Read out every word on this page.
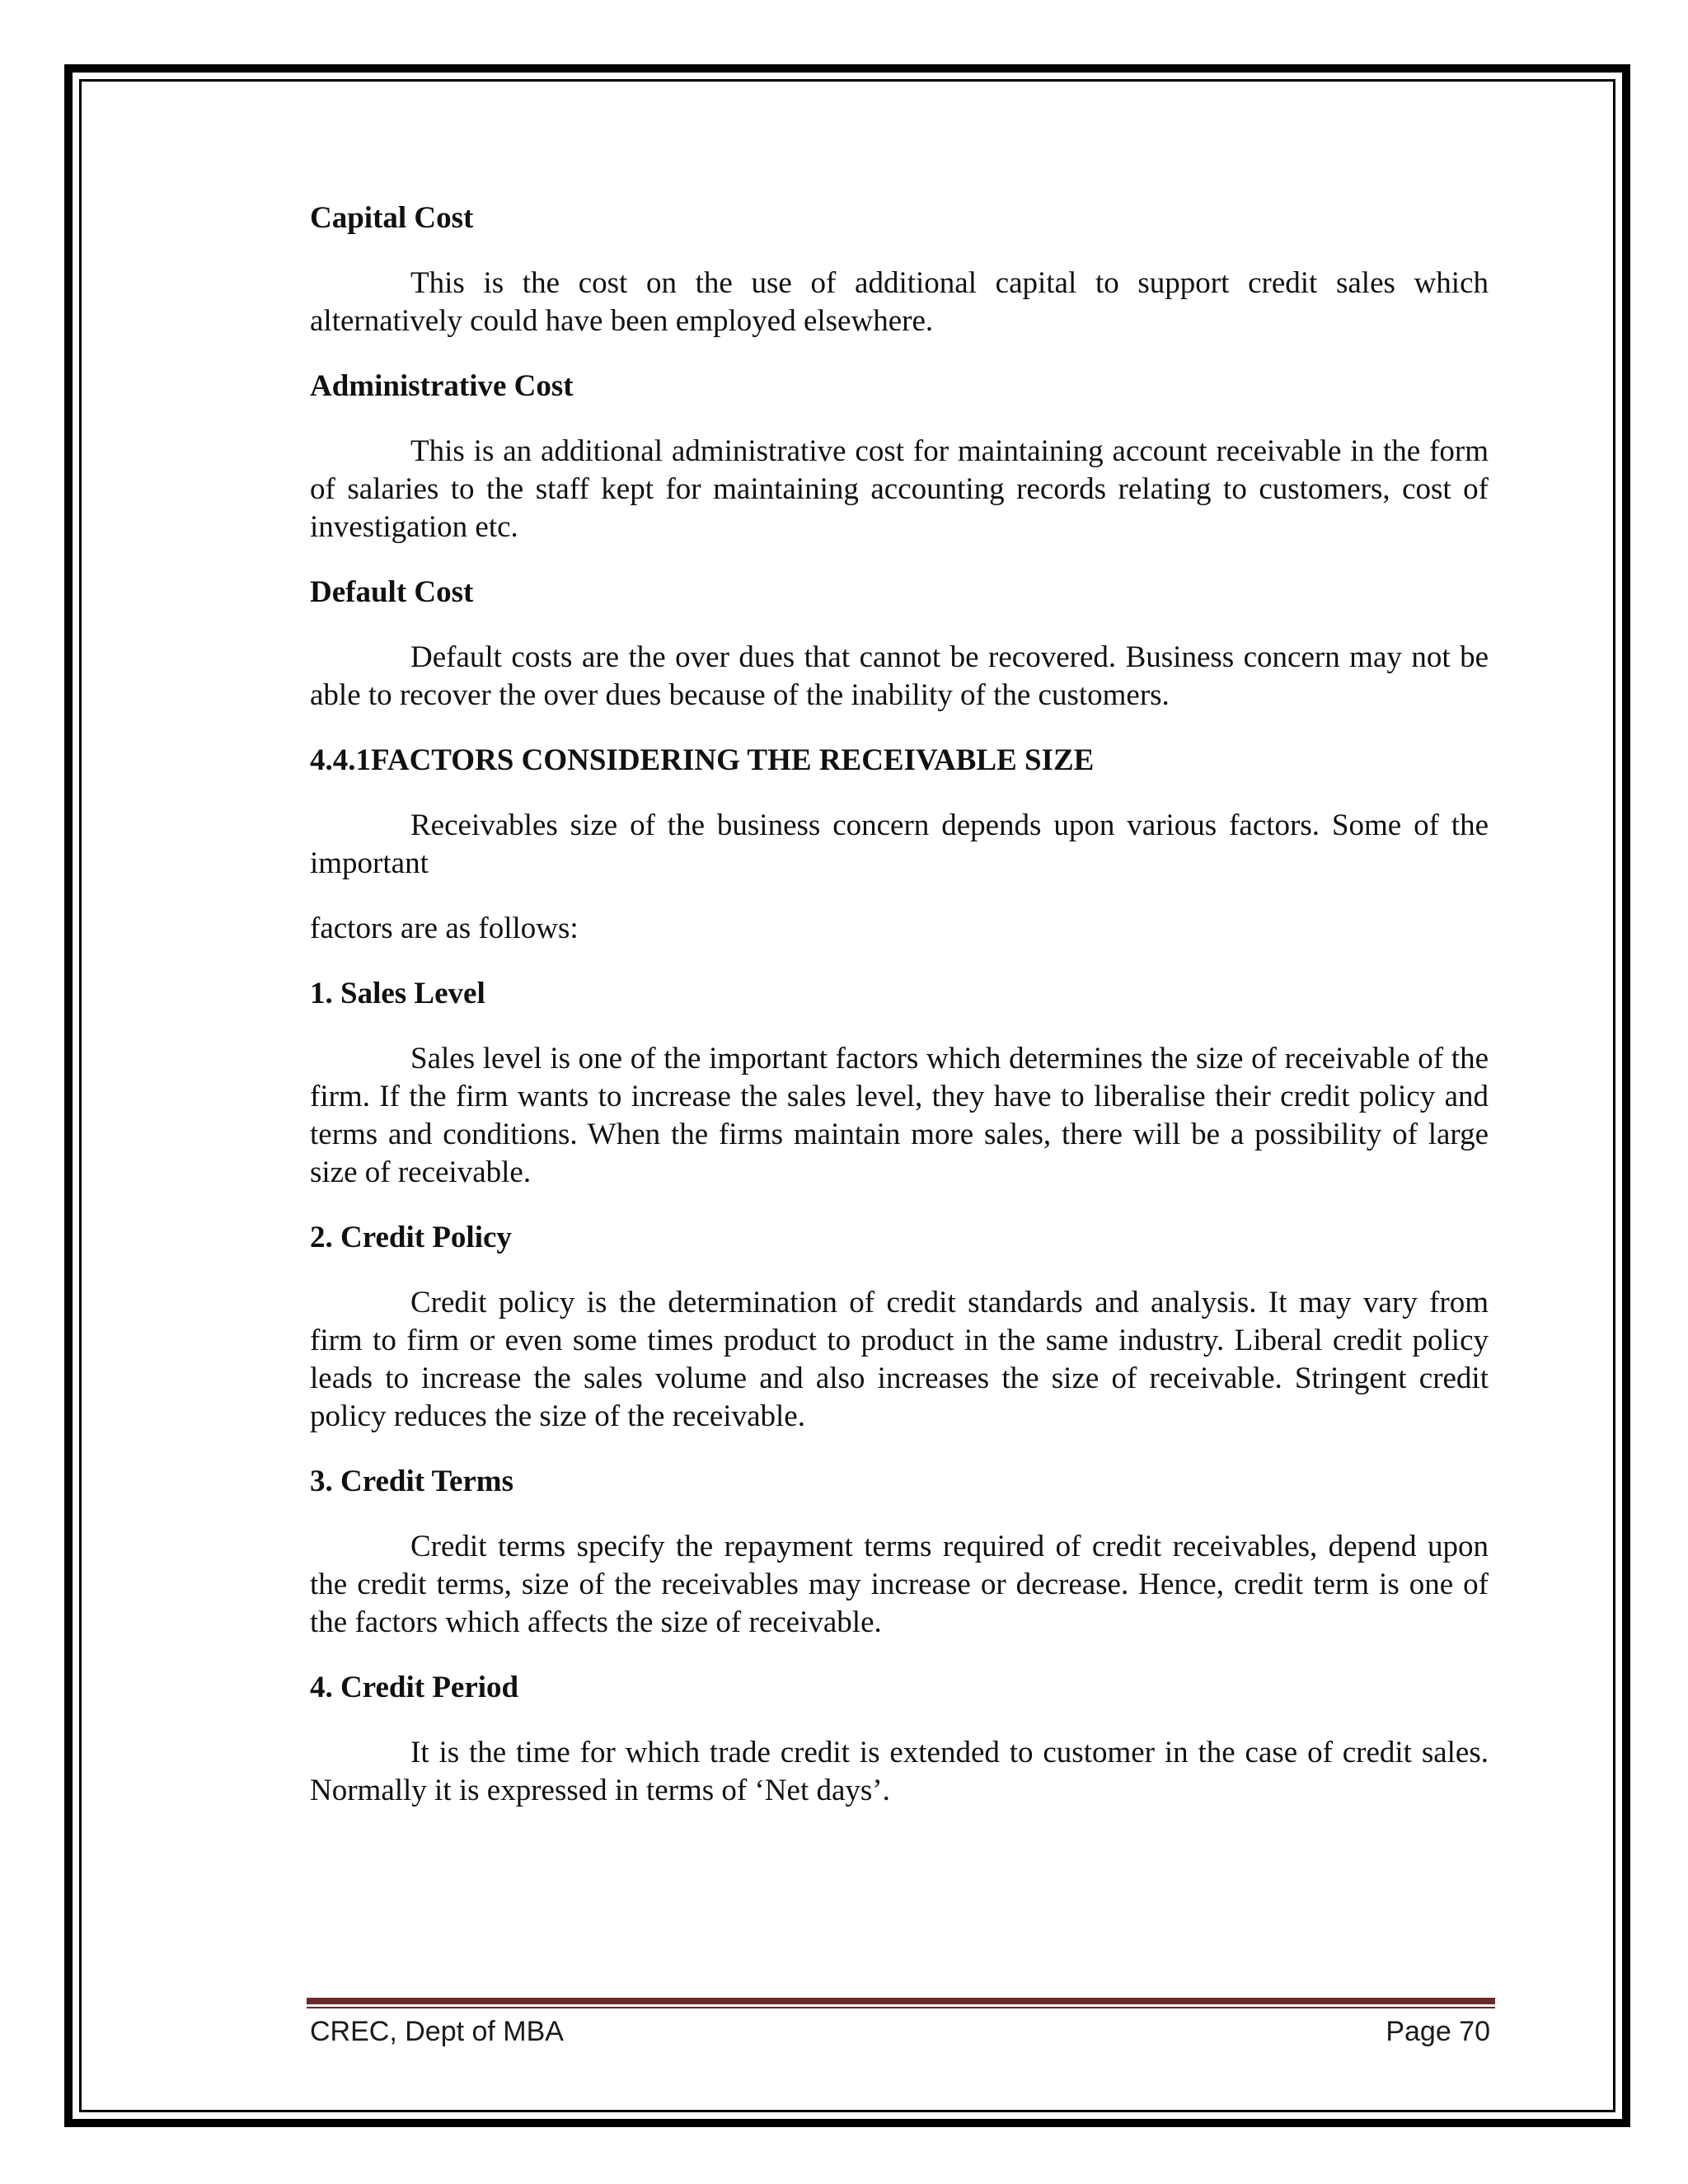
Capital Cost

This is the cost on the use of additional capital to support credit sales which alternatively could have been employed elsewhere.

Administrative Cost

This is an additional administrative cost for maintaining account receivable in the form of salaries to the staff kept for maintaining accounting records relating to customers, cost of investigation etc.

Default Cost

Default costs are the over dues that cannot be recovered. Business concern may not be able to recover the over dues because of the inability of the customers.

4.4.1FACTORS CONSIDERING THE RECEIVABLE SIZE

Receivables size of the business concern depends upon various factors. Some of the important

factors are as follows:

1. Sales Level

Sales level is one of the important factors which determines the size of receivable of the firm. If the firm wants to increase the sales level, they have to liberalise their credit policy and terms and conditions. When the firms maintain more sales, there will be a possibility of large size of receivable.

2. Credit Policy

Credit policy is the determination of credit standards and analysis. It may vary from firm to firm or even some times product to product in the same industry. Liberal credit policy leads to increase the sales volume and also increases the size of receivable. Stringent credit policy reduces the size of the receivable.

3. Credit Terms

Credit terms specify the repayment terms required of credit receivables, depend upon the credit terms, size of the receivables may increase or decrease. Hence, credit term is one of the factors which affects the size of receivable.

4. Credit Period

It is the time for which trade credit is extended to customer in the case of credit sales. Normally it is expressed in terms of ‘Net days’.

CREC, Dept of MBA	Page 70
